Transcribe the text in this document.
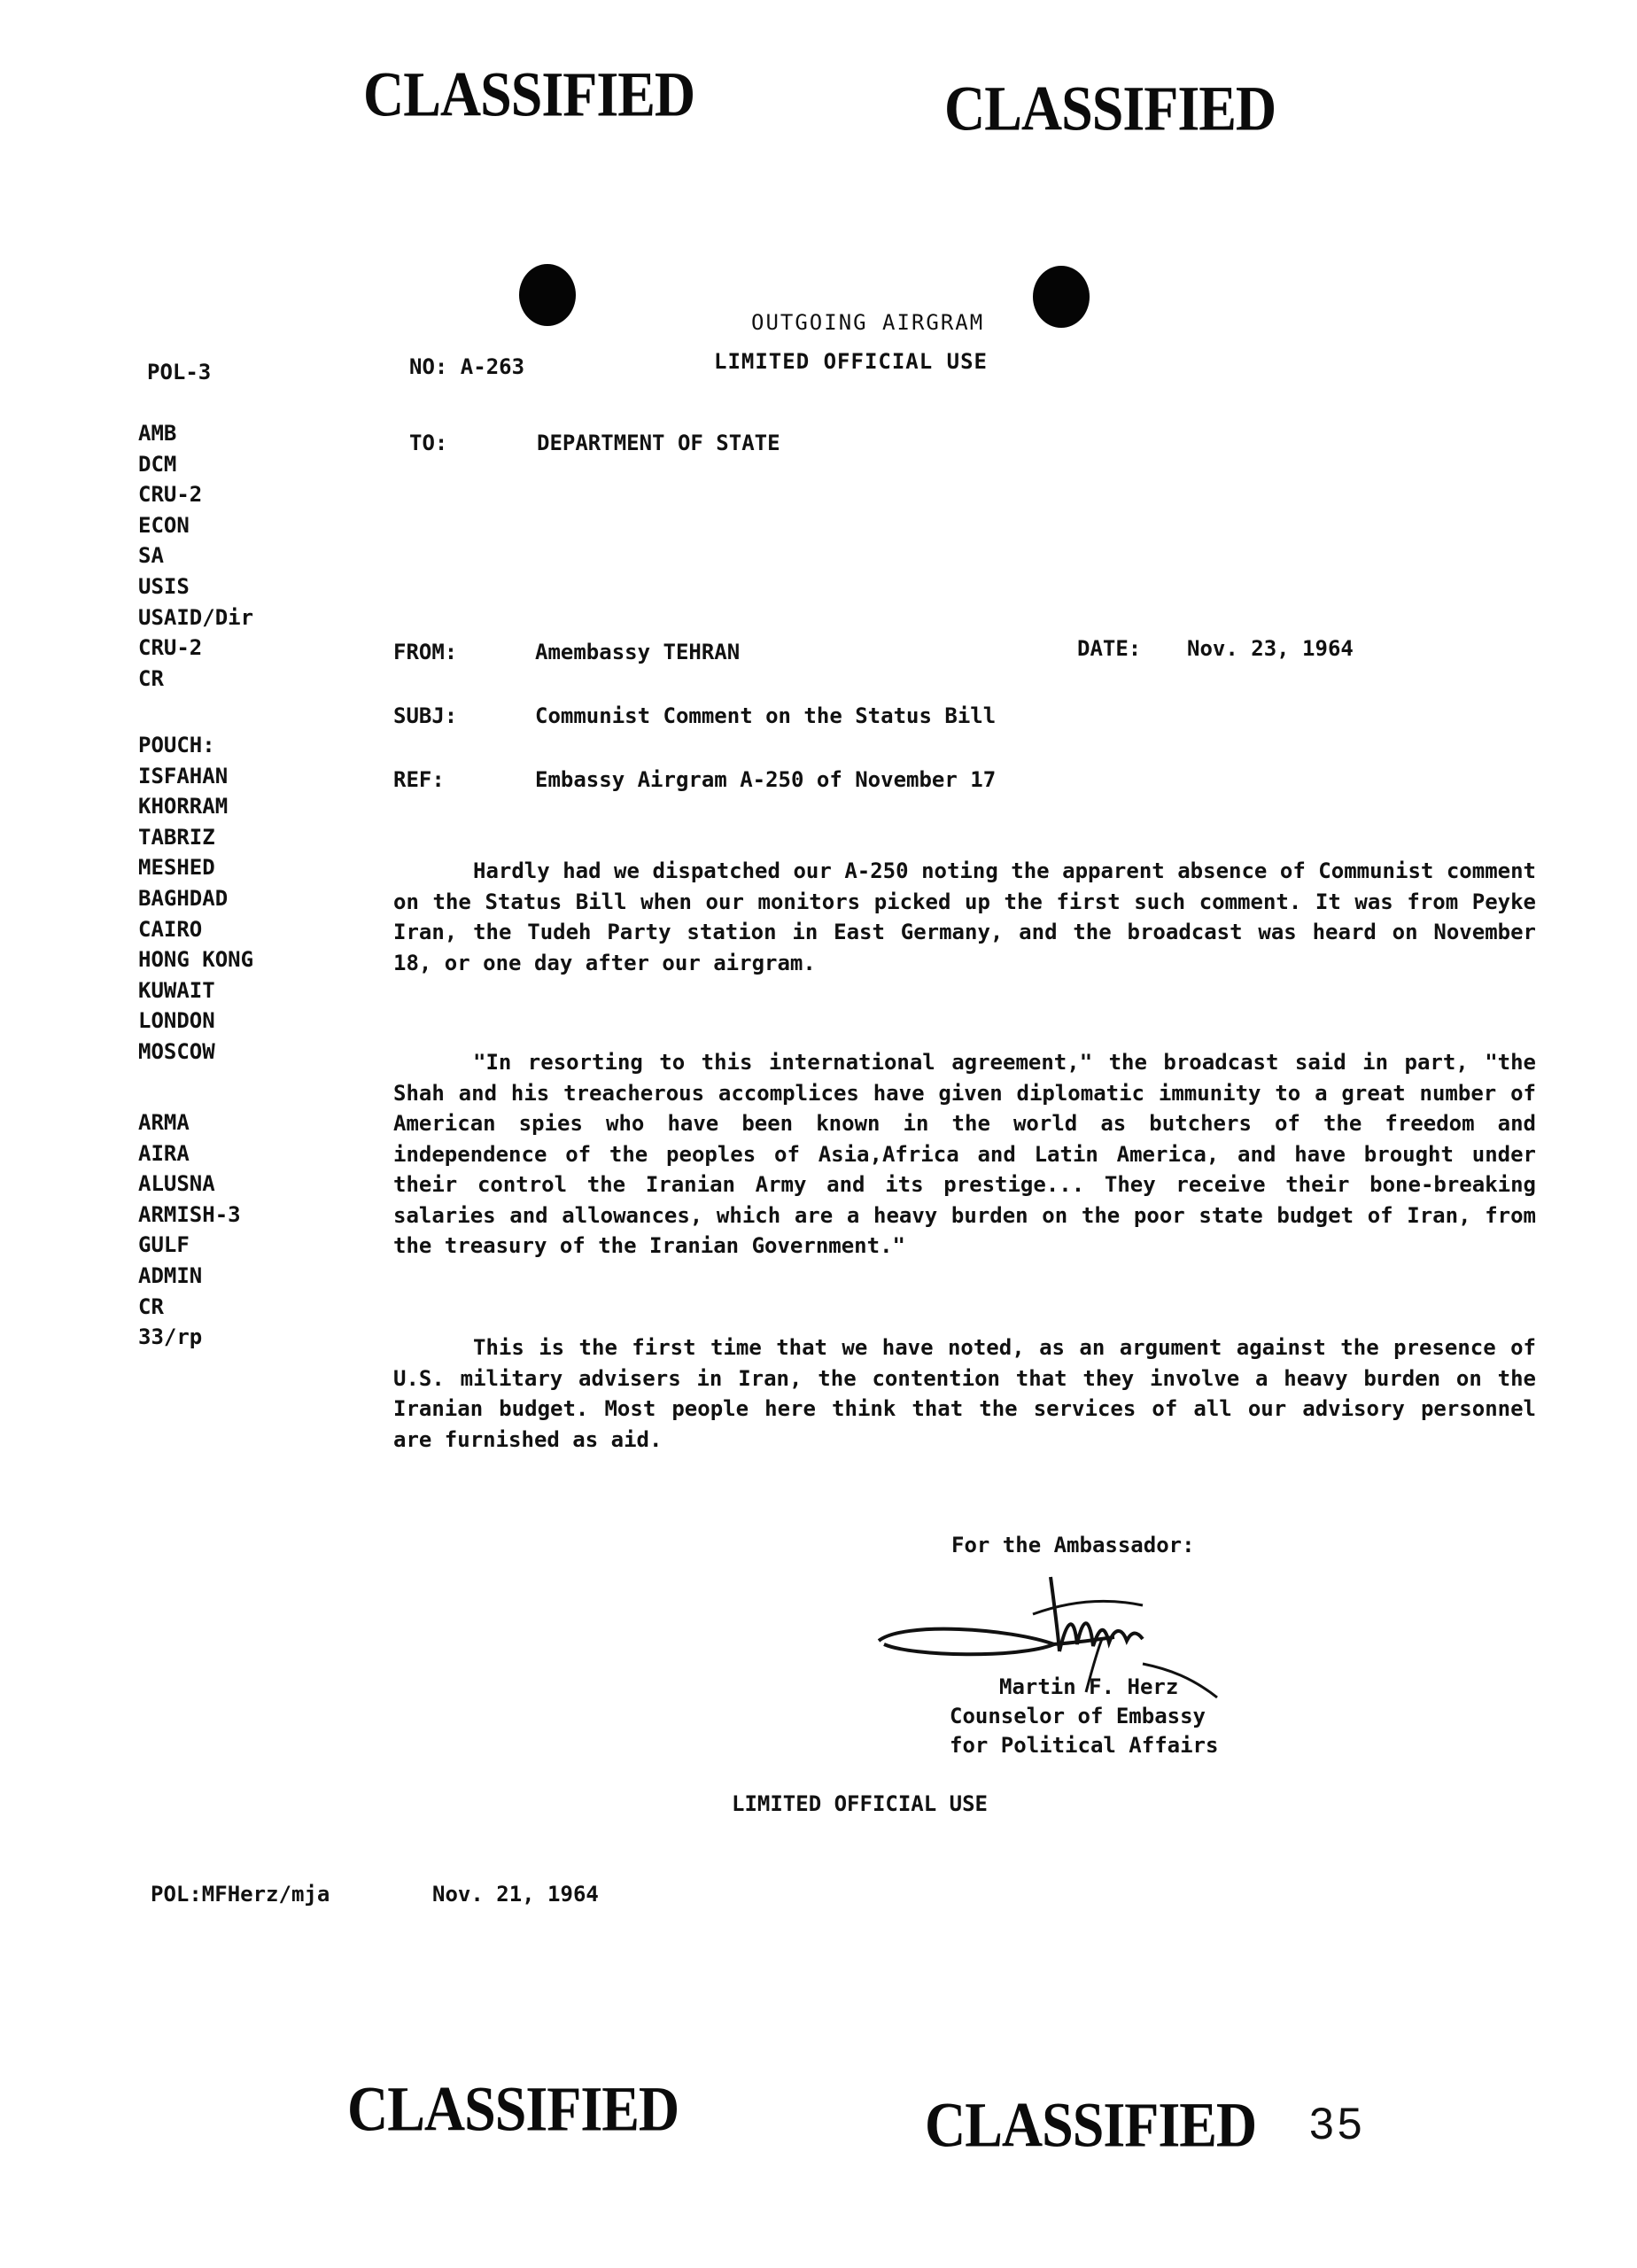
CLASSIFIED	CLASSIFIED
OUTGOING AIRGRAM
LIMITED OFFICIAL USE
POL-3	NO: A-263
AMB
DCM
CRU-2
ECON
SA
USIS
USAID/Dir
CRU-2
CR
POUCH:
ISFAHAN
KHORRAM
TABRIZ
MESHED
BAGHDAD
CAIRO
HONG KONG
KUWAIT
LONDON
MOSCOW
ARMA
AIRA
ALUSNA
ARMISH-3
GULF
ADMIN
CR
33/rp
TO:	DEPARTMENT OF STATE
FROM:	Amembassy TEHRAN	DATE: Nov. 23, 1964
SUBJ:	Communist Comment on the Status Bill
REF:	Embassy Airgram A-250 of November 17

Hardly had we dispatched our A-250 noting the apparent absence of Communist comment on the Status Bill when our monitors picked up the first such comment. It was from Peyke Iran, the Tudeh Party station in East Germany, and the broadcast was heard on November 18, or one day after our airgram.

"In resorting to this international agreement," the broadcast said in part, "the Shah and his treacherous accomplices have given diplomatic immunity to a great number of American spies who have been known in the world as butchers of the freedom and independence of the peoples of Asia,Africa and Latin America, and have brought under their control the Iranian Army and its prestige... They receive their bone-breaking salaries and allowances, which are a heavy burden on the poor state budget of Iran, from the treasury of the Iranian Government."

This is the first time that we have noted, as an argument against the presence of U.S. military advisers in Iran, the contention that they involve a heavy burden on the Iranian budget. Most people here think that the services of all our advisory personnel are furnished as aid.

For the Ambassador:
Martin F. Herz
Counselor of Embassy
for Political Affairs
LIMITED OFFICIAL USE
POL:MFHerz/mja	Nov. 21, 1964
CLASSIFIED	CLASSIFIED 35
